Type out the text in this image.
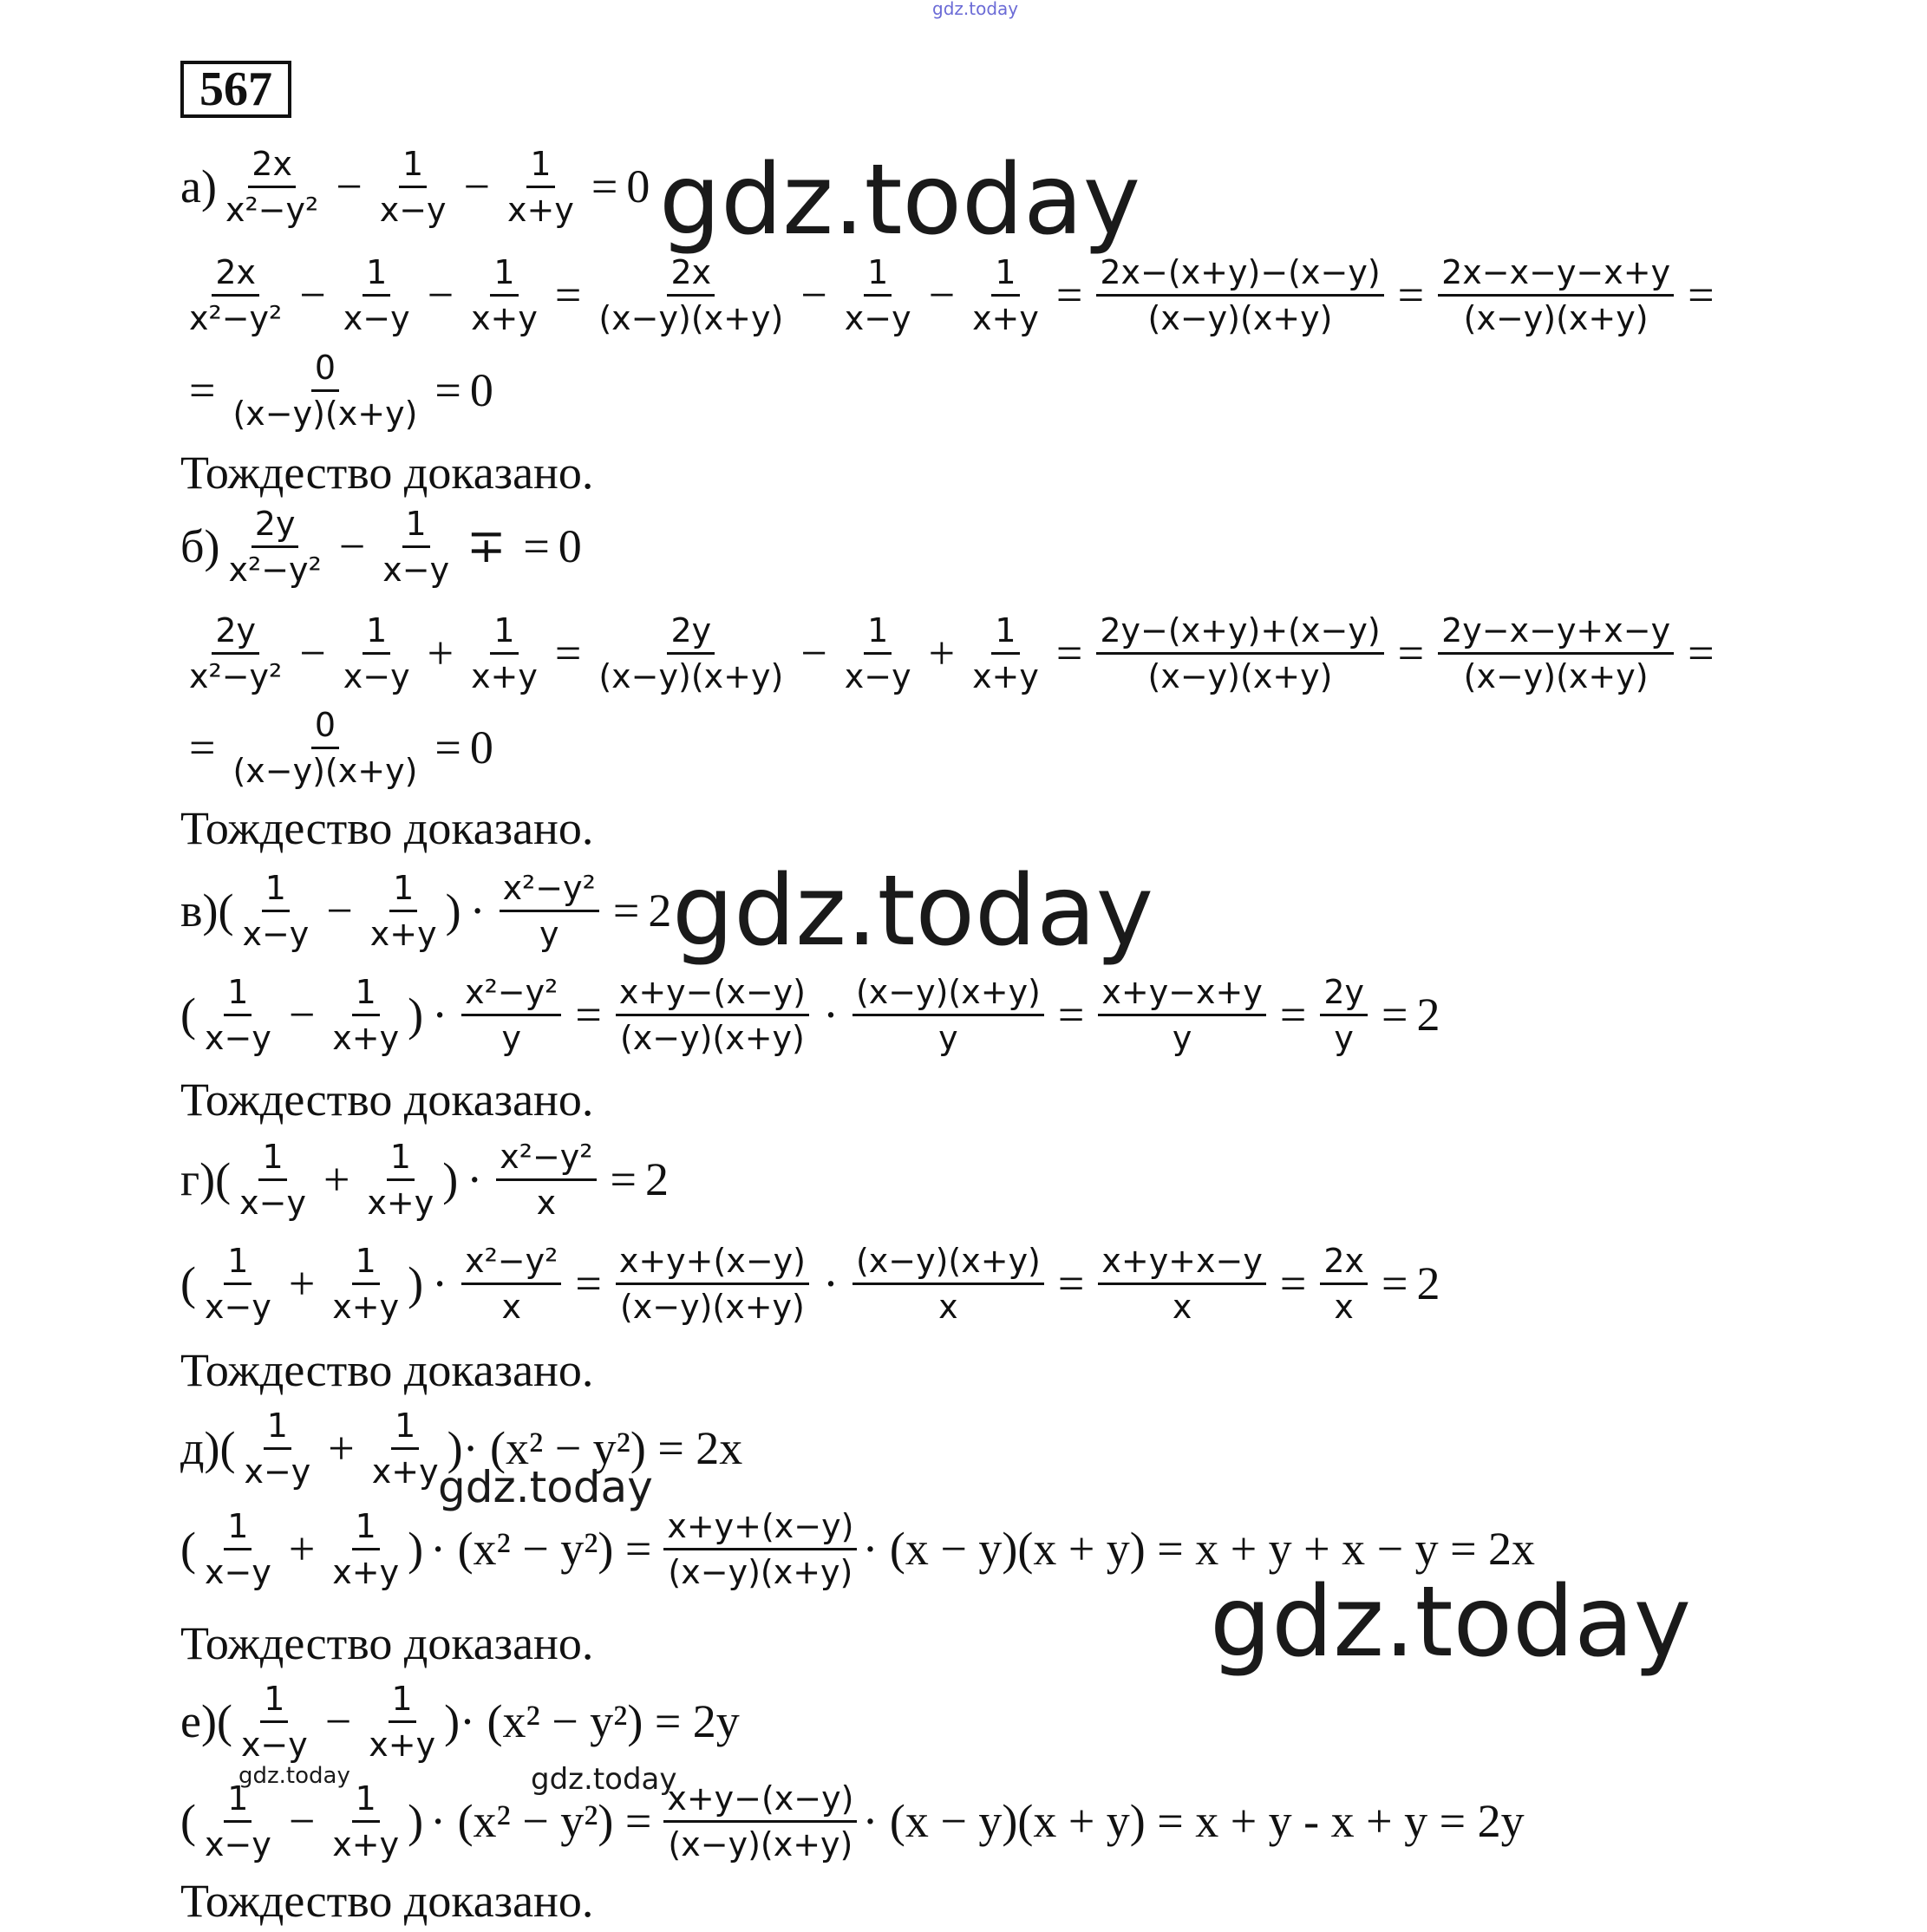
gdz.today
567
$а) \frac{2x}{\text{x²−y²}} - \frac{1}{x-y} - \frac{1}{x+y} = 0$
$\frac{2x}{\text{x²−y²}} - \frac{1}{x-y} - \frac{1}{x+y} = \frac{2x}{(x-y)(x+y)} - \frac{1}{x-y} - \frac{1}{x+y} = \frac{2x-(x+y)-(x-y)}{(x-y)(x+y)} = \frac{2x-x-y-x+y}{(x-y)(x+y)}$ =
= $\frac{0}{(x-y)(x+y)} = 0$
Тождество доказано.
$б) \frac{2y}{\text{x²−y²}} - \frac{1}{x-y}$ ∓ = 0
$\frac{2y}{\text{x²−y²}} - \frac{1}{x-y} + \frac{1}{x+y} = \frac{2y}{(x-y)(x+y)} - \frac{1}{x-y} + \frac{1}{x+y} = \frac{2y-(x+y)+(x-y)}{(x-y)(x+y)} = \frac{2y-x-y+x-y}{(x-y)(x+y)}$ =
= $\frac{0}{(x-y)(x+y)} = 0$
Тождество доказано.
в) ( $\frac{1}{x-y} - \frac{1}{x+y}$ ) · $\frac{\text{x²−y²}}{y} = 2$
( $\frac{1}{x-y} - \frac{1}{x+y}$ ) · $\frac{\text{x²−y²}}{y} = \frac{x+y-(x-y)}{(x-y)(x+y)} \cdot \frac{(x-y)(x+y)}{y} = \frac{x+y-x+y}{y} = \frac{2y}{y} = 2$
Тождество доказано.
г) ( $\frac{1}{x-y} + \frac{1}{x+y}$ ) · $\frac{\text{x²−y²}}{x} = 2$
( $\frac{1}{x-y} + \frac{1}{x+y}$ ) · $\frac{\text{x²−y²}}{x} = \frac{x+y+(x-y)}{(x-y)(x+y)} \cdot \frac{(x-y)(x+y)}{x} = \frac{x+y+x-y}{x} = \frac{2x}{x} = 2$
Тождество доказано.
д) ( $\frac{1}{x-y} + \frac{1}{x+y}$ ) · (x² − y²) = 2x
( $\frac{1}{x-y} + \frac{1}{x+y}$ ) · $(x^2 - y^2) = \frac{x+y+(x-y)}{(x-y)(x+y)} \cdot (x - y)(x + y) = x + y + x - y = 2x$
Тождество доказано.
е) ( $\frac{1}{x-y} - \frac{1}{x+y}$ ) · (x² − y²) = 2y
( $\frac{1}{x-y} - \frac{1}{x+y}$ ) · $(x^2 - y^2) = \frac{x+y-(x-y)}{(x-y)(x+y)} \cdot (x - y)(x + y) = x + y - x + y = 2y$
Тождество доказано.
gdz.today
gdz.today
gdz.today
gdz.today
gdz.today	gdz.today
